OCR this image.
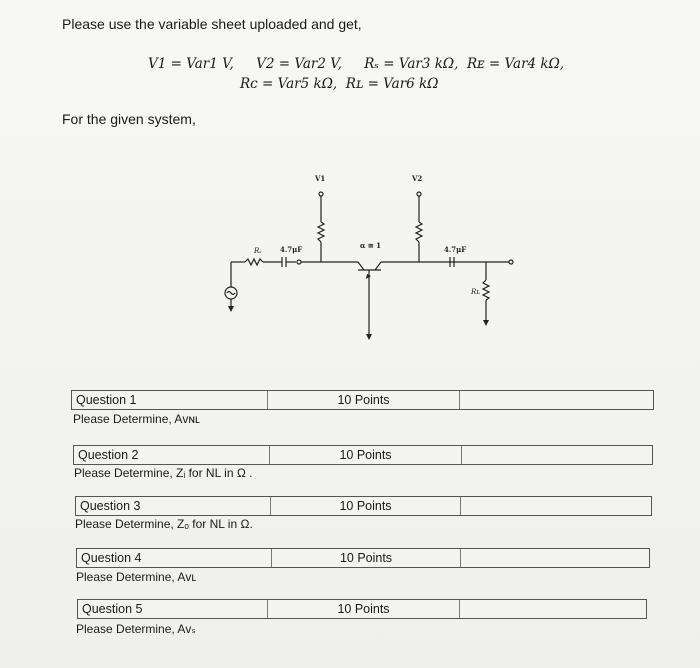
Please use the variable sheet uploaded and get,
V1 = Var1 V, V2 = Var2 V, Rₛ = Var3 kΩ, Rᴇ = Var4 kΩ,
Rᴄ = Var5 kΩ, Rʟ = Var6 kΩ
For the given system,
V1	V2
Rₛ	4.7μF	α ≅ 1	4.7μF
Rʟ
Question 1	10 Points
Please Determine, Aᴠɴʟ
Question 2	10 Points
Please Determine, Zᵢ for NL in Ω .
Question 3	10 Points
Please Determine, Zₒ for NL in Ω.
Question 4	10 Points
Please Determine, Aᴠʟ
Question 5	10 Points
Please Determine, Aᴠₛ
